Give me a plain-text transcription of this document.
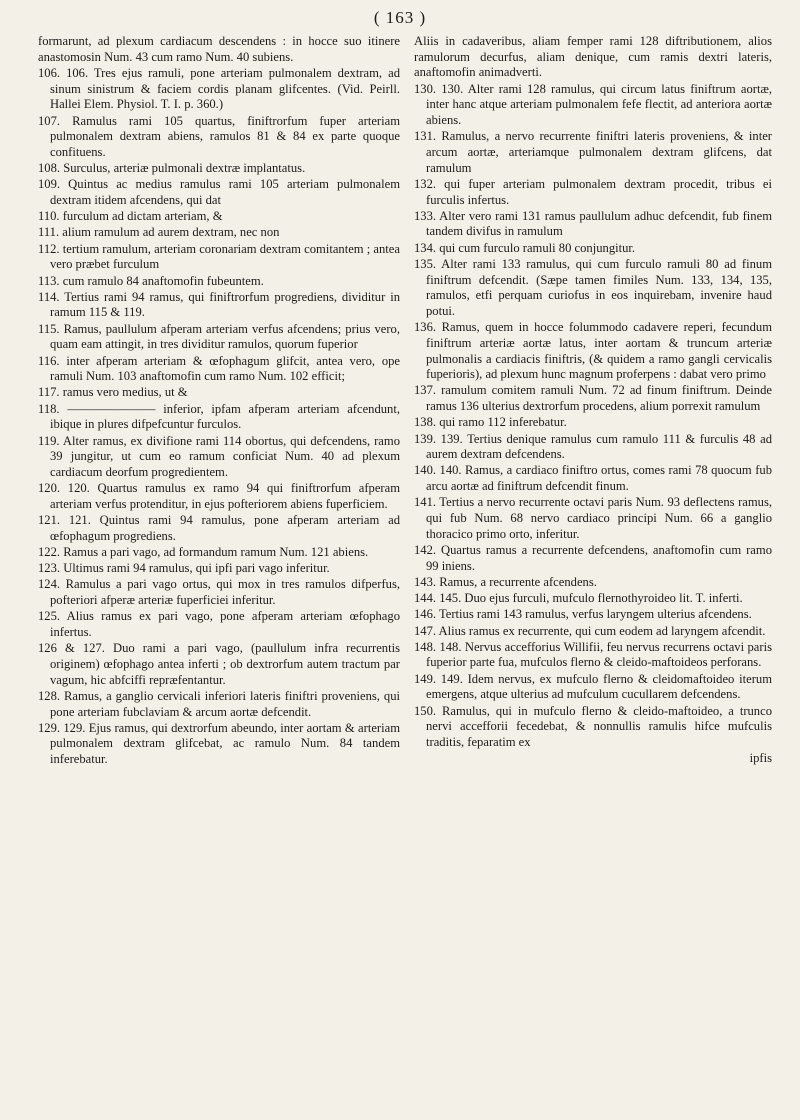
( 163 )

formarunt, ad plexum cardiacum descendens : in hocce suo itinere anastomosin Num. 43 cum ramo Num. 40 subiens.

106. 106. Tres ejus ramuli, pone arteriam pulmonalem dextram, ad sinum sinistrum & faciem cordis planam glifcentes. (Vid. Peirll. Hallei Elem. Physiol. T. I. p. 360.)

107. Ramulus rami 105 quartus, finiftrorfum fuper arteriam pulmonalem dextram abiens, ramulos 81 & 84 ex parte quoque confituens.

108. Surculus, arteriæ pulmonali dextræ implantatus.

109. Quintus ac medius ramulus rami 105 arteriam pulmonalem dextram itidem afcendens, qui dat

110. furculum ad dictam arteriam, &

111. alium ramulum ad aurem dextram, nec non

112. tertium ramulum, arteriam coronariam dextram comitantem ; antea vero præbet furculum

113. cum ramulo 84 anaftomofin fubeuntem.

114. Tertius rami 94 ramus, qui finiftrorfum progrediens, dividitur in ramum 115 & 119.

115. Ramus, paullulum afperam arteriam verfus afcendens; prius vero, quam eam attingit, in tres dividitur ramulos, quorum fuperior

116. inter afperam arteriam & œfophagum glifcit, antea vero, ope ramuli Num. 103 anaftomofin cum ramo Num. 102 efficit;

117. ramus vero medius, ut &

118. ——————— inferior, ipfam afperam arteriam afcendunt, ibique in plures difpefcuntur furculos.

119. Alter ramus, ex divifione rami 114 obortus, qui defcendens, ramo 39 jungitur, ut cum eo ramum conficiat Num. 40 ad plexum cardiacum deorfum progredientem.

120. 120. Quartus ramulus ex ramo 94 qui finiftrorfum afperam arteriam verfus protenditur, in ejus pofteriorem abiens fuperficiem.

121. 121. Quintus rami 94 ramulus, pone afperam arteriam ad œfophagum progrediens.

122. Ramus a pari vago, ad formandum ramum Num. 121 abiens.

123. Ultimus rami 94 ramulus, qui ipfi pari vago inferitur.

124. Ramulus a pari vago ortus, qui mox in tres ramulos difperfus, pofteriori afperæ arteriæ fuperficiei inferitur.

125. Alius ramus ex pari vago, pone afperam arteriam œfophago infertus.

126 & 127. Duo rami a pari vago, (paullulum infra recurrentis originem) œfophago antea inferti ; ob dextrorfum autem tractum par vagum, hic abfciffi repræfentantur.

128. Ramus, a ganglio cervicali inferiori lateris finiftri proveniens, qui pone arteriam fubclaviam & arcum aortæ defcendit.

129. 129. Ejus ramus, qui dextrorfum abeundo, inter aortam & arteriam pulmonalem dextram glifcebat, ac ramulo Num. 84 tandem inferebatur.

Aliis in cadaveribus, aliam femper rami 128 diftributionem, alios ramulorum decurfus, aliam denique, cum ramis dextri lateris, anaftomofin animadverti.

130. 130. Alter rami 128 ramulus, qui circum latus finiftrum aortæ, inter hanc atque arteriam pulmonalem fefe flectit, ad anteriora aortæ abiens.

131. Ramulus, a nervo recurrente finiftri lateris proveniens, & inter arcum aortæ, arteriamque pulmonalem dextram glifcens, dat ramulum

132. qui fuper arteriam pulmonalem dextram procedit, tribus ei furculis infertus.

133. Alter vero rami 131 ramus paullulum adhuc defcendit, fub finem tandem divifus in ramulum

134. qui cum furculo ramuli 80 conjungitur.

135. Alter rami 133 ramulus, qui cum furculo ramuli 80 ad finum finiftrum defcendit. (Sæpe tamen fimiles Num. 133, 134, 135, ramulos, etfi perquam curiofus in eos inquirebam, invenire haud potui.

136. Ramus, quem in hocce folummodo cadavere reperi, fecundum finiftrum arteriæ aortæ latus, inter aortam & truncum arteriæ pulmonalis a cardiacis finiftris, (& quidem a ramo gangli cervicalis fuperioris), ad plexum hunc magnum proferpens : dabat vero primo

137. ramulum comitem ramuli Num. 72 ad finum finiftrum. Deinde ramus 136 ulterius dextrorfum procedens, alium porrexit ramulum

138. qui ramo 112 inferebatur.

139. 139. Tertius denique ramulus cum ramulo 111 & furculis 48 ad aurem dextram defcendens.

140. 140. Ramus, a cardiaco finiftro ortus, comes rami 78 quocum fub arcu aortæ ad finiftrum defcendit finum.

141. Tertius a nervo recurrente octavi paris Num. 93 deflectens ramus, qui fub Num. 68 nervo cardiaco principi Num. 66 a ganglio thoracico primo orto, inferitur.

142. Quartus ramus a recurrente defcendens, anaftomofin cum ramo 99 iniens.

143. Ramus, a recurrente afcendens.

144. 145. Duo ejus furculi, mufculo flernothyroideo lit. T. inferti.

146. Tertius rami 143 ramulus, verfus laryngem ulterius afcendens.

147. Alius ramus ex recurrente, qui cum eodem ad laryngem afcendit.

148. 148. Nervus accefforius Willifii, feu nervus recurrens octavi paris fuperior parte fua, mufculos flerno & cleido-maftoideos perforans.

149. 149. Idem nervus, ex mufculo flerno & cleidomaftoideo iterum emergens, atque ulterius ad mufculum cucullarem defcendens.

150. Ramulus, qui in mufculo flerno & cleido-maftoideo, a trunco nervi accefforii fecedebat, & nonnullis ramulis hifce mufculis traditis, feparatim ex

ipfis
